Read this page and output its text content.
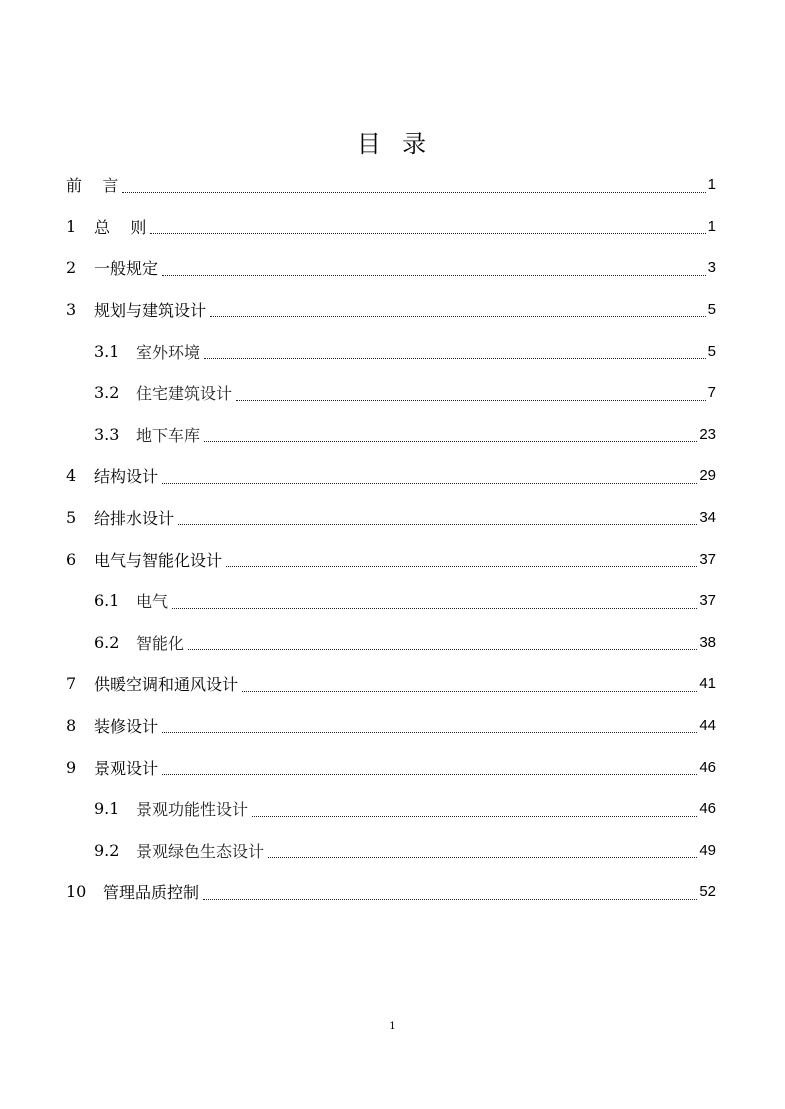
目  录
前    言	1
1	总    则	1
2	一般规定	3
3	规划与建筑设计	5
3.1	室外环境	5
3.2	住宅建筑设计	7
3.3	地下车库	23
4	结构设计	29
5	给排水设计	34
6	电气与智能化设计	37
6.1	电气	37
6.2	智能化	38
7	供暖空调和通风设计	41
8	装修设计	44
9	景观设计	46
9.1	景观功能性设计	46
9.2	景观绿色生态设计	49
10	管理品质控制	52
1
